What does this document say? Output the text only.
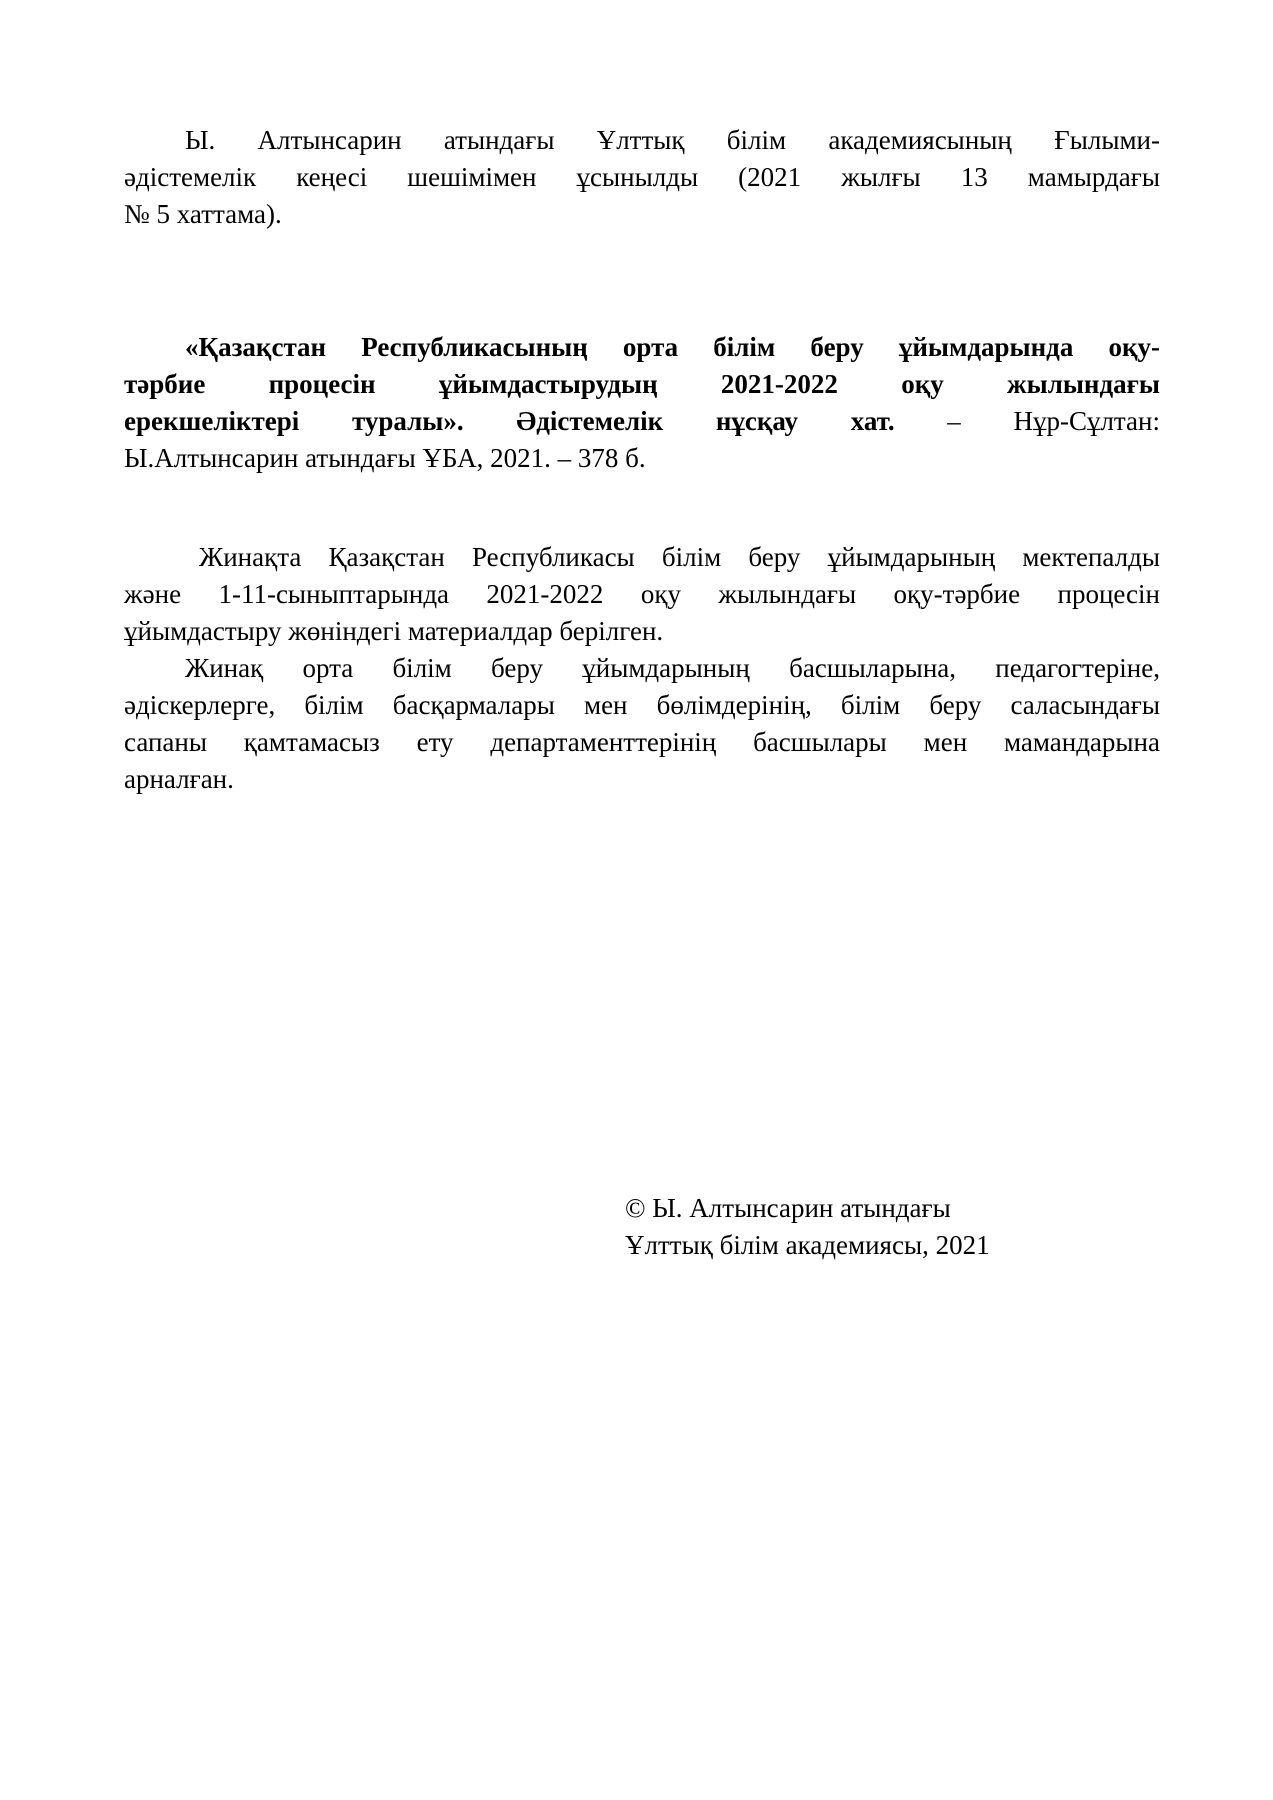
Ы. Алтынсарин атындағы Ұлттық білім академиясының Ғылыми-
әдістемелік кеңесі шешімімен ұсынылды (2021 жылғы 13 мамырдағы
№ 5 хаттама).
«Қазақстан Республикасының орта білім беру ұйымдарында оқу-
тәрбие процесін ұйымдастырудың 2021-2022 оқу жылындағы
ерекшеліктері туралы». Әдістемелік нұсқау хат. – Нұр-Сұлтан:
Ы.Алтынсарин атындағы ҰБА, 2021. – 378 б.
Жинақта Қазақстан Республикасы білім беру ұйымдарының мектепалды
және 1-11-сыныптарында 2021-2022 оқу жылындағы оқу-тәрбие процесін
ұйымдастыру жөніндегі материалдар берілген.
Жинақ орта білім беру ұйымдарының басшыларына, педагогтеріне,
әдіскерлерге, білім басқармалары мен бөлімдерінің, білім беру саласындағы
сапаны қамтамасыз ету департаменттерінің басшылары мен мамандарына
арналған.
© Ы. Алтынсарин атындағы
Ұлттық білім академиясы, 2021
